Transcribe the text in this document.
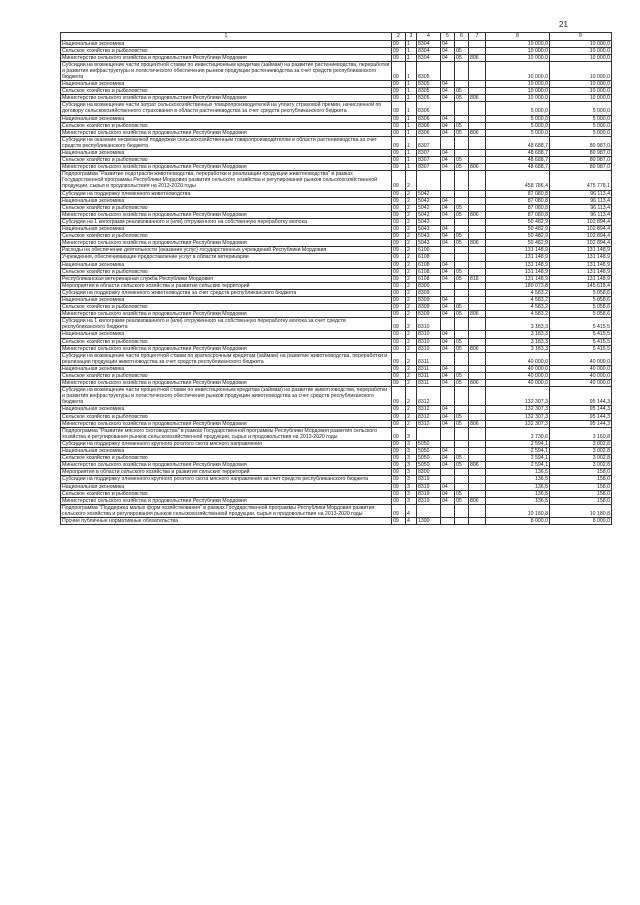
21
1	2	3	4	5	6	7	8	9
Национальная экономика	09	1	8304	04			10 000,0	10 000,0
Сельское хозяйство и рыболовство	09	1	8304	04	05		10 000,0	10 000,0
Министерство сельского хозяйства и продовольствия Республики Мордовия	09	1	8304	04	05	806	10 000,0	10 000,0
Субсидии на возмещение части процентной ставки по инвестиционным кредитам (займам) на развитие растениеводства, переработки и развития инфраструктуры и логистического обеспечения рынков продукции растениеводства за счет средств республиканского бюджета	09	1	8305				10 000,0	10 000,0
Национальная экономика	09	1	8305	04			10 000,0	10 000,0
Сельское хозяйство и рыболовство	09	1	8305	04	05		10 000,0	10 000,0
Министерство сельского хозяйства и продовольствия Республики Мордовия	09	1	8305	04	05	806	10 000,0	10 000,0
Субсидии на возмещение части затрат сельскохозяйственных товаропроизводителей на уплату страховой премии, начисленной по договору сельскохозяйственного страхования в области растениеводства за счет средств республиканского бюджета	09	1	8306				5 000,0	5 000,0
Национальная экономика	09	1	8306	04			5 000,0	5 000,0
Сельское хозяйство и рыболовство	09	1	8306	04	05		5 000,0	5 000,0
Министерство сельского хозяйства и продовольствия Республики Мордовия	09	1	8306	04	05	806	5 000,0	5 000,0
Субсидии на оказание несвязанной поддержки сельскохозяйственным товаропроизводителям в области растениеводства за счет средств республиканского бюджета	09	1	8307				48 688,7	80 987,0
Национальная экономика	09	1	8307	04			48 688,7	80 987,0
Сельское хозяйство и рыболовство	09	1	8307	04	05		48 688,7	80 987,0
Министерство сельского хозяйства и продовольствия Республики Мордовия	09	1	8307	04	05	806	48 688,7	80 987,0
Подпрограмма "Развитие подотрасли животноводства, переработки и реализации продукции животноводства" в рамках Государственной программы Республики Мордовия развития сельского хозяйства и регулирования рынков сельскохозяйственной продукции, сырья и продовольствия на 2013-2020 годы	09	2					458 786,4	475 778,1
Субсидии на поддержку племенного животноводства	09	2	5042				87 080,8	96 113,4
Национальная экономика	09	2	5042	04			87 080,8	96 113,4
Сельское хозяйство и рыболовство	09	2	5042	04	05		87 080,8	96 113,4
Министерство сельского хозяйства и продовольствия Республики Мордовия	09	2	5042	04	05	806	87 080,8	96 113,4
Субсидии на 1 килограмм реализованного и (или) отгруженного на собственную переработку молока	09	2	5043				50 482,9	102 894,4
Национальная экономика	09	2	5043	04			50 482,9	102 894,4
Сельское хозяйство и рыболовство	09	2	5043	04	05		50 482,9	102 894,4
Министерство сельского хозяйства и продовольствия Республики Мордовия	09	2	5043	04	05	806	50 482,9	102 894,4
Расходы на обеспечение деятельности (оказание услуг) государственных учреждений Республики Мордовия	09	2	6100				131 148,9	131 148,9
Учреждения, обеспечивающие предоставление услуг в области ветеринарии	09	2	6108				131 148,9	131 148,9
Национальная экономика	09	2	6108	04			131 148,9	131 148,9
Сельское хозяйство и рыболовство	09	2	6108	04	05		131 148,9	131 148,9
Республиканская ветеринарная служба Республики Мордовия	09	2	6108	04	05	818	131 148,9	131 148,9
Мероприятия в области сельского хозяйства и развития сельских территорий	09	2	8300				180 073,8	145 618,4
Субсидии на поддержку племенного животноводства за счет средств республиканского бюджета	09	2	8309				4 583,2	5 058,6
Национальная экономика	09	2	8309	04			4 583,2	5 058,6
Сельское хозяйство и рыболовство	09	2	8309	04	05		4 583,2	5 058,6
Министерство сельского хозяйства и продовольствия Республики Мордовия	09	2	8309	04	05	806	4 583,2	5 058,6
Субсидии на 1 килограмм реализованного и (или) отгруженного на собственную переработку молока за счет средств республиканского бюджета	09	2	8310				3 183,3	5 415,5
Национальная экономика	09	2	8310	04			3 183,3	5 415,5
Сельское хозяйство и рыболовство	09	2	8310	04	05		3 183,3	5 415,5
Министерство сельского хозяйства и продовольствия Республики Мордовия	09	2	8310	04	05	806	3 183,3	5 415,5
Субсидии на возмещение части процентной ставки по краткосрочным кредитам (займам) на развитие животноводства, переработки и реализации продукции животноводства за счет средств республиканского бюджета	09	2	8311				40 000,0	40 000,0
Национальная экономика	09	2	8311	04			40 000,0	40 000,0
Сельское хозяйство и рыболовство	09	2	8311	04	05		40 000,0	40 000,0
Министерство сельского хозяйства и продовольствия Республики Мордовия	09	2	8311	04	05	806	40 000,0	40 000,0
Субсидии на возмещение части процентной ставки по инвестиционным кредитам (займам) на развитие животноводства, переработки и развития инфраструктуры и логистического обеспечения рынков продукции животноводства за счет средств республиканского бюджета	09	2	8312				132 307,3	95 144,3
Национальная экономика	09	2	8312	04			132 307,3	95 144,3
Сельское хозяйство и рыболовство	09	2	8312	04	05		132 307,3	95 144,3
Министерство сельского хозяйства и продовольствия Республики Мордовия	09	2	8312	04	05	806	132 307,3	95 144,3
Подпрограмма "Развитие мясного скотоводства" в рамках Государственной программы Республики Мордовия развития сельского хозяйства и регулирования рынков сельскохозяйственной продукции, сырья и продовольствия на 2013-2020 годы	09	3					2 730,6	3 160,8
Субсидии на поддержку племенного крупного рогатого скота мясного направления	09	3	5050				2 594,1	3 002,8
Национальная экономика	09	3	5050	04			2 594,1	3 002,8
Сельское хозяйство и рыболовство	09	3	5050	04	05		2 594,1	3 002,8
Министерство сельского хозяйства и продовольствия Республики Мордовия	09	3	5050	04	05	806	2 594,1	3 002,8
Мероприятия в области сельского хозяйства и развития сельских территорий	09	3	8300				136,5	158,0
Субсидии на поддержку племенного крупного рогатого скота мясного направления за счет средств республиканского бюджета	09	3	8319				136,5	158,0
Национальная экономика	09	3	8319	04			136,5	158,0
Сельское хозяйство и рыболовство	09	3	8319	04	05		136,5	158,0
Министерство сельского хозяйства и продовольствия Республики Мордовия	09	3	8319	04	05	806	136,5	158,0
Подпрограмма "Поддержка малых форм хозяйствования" в рамках Государственной программы Республики Мордовия развития сельского хозяйства и регулирования рынков сельскохозяйственной продукции, сырья и продовольствия на 2013-2020 годы	09	4					10 180,8	10 180,8
Прочие публичные нормативные обязательства	09	4	1300				8 000,0	8 000,0
